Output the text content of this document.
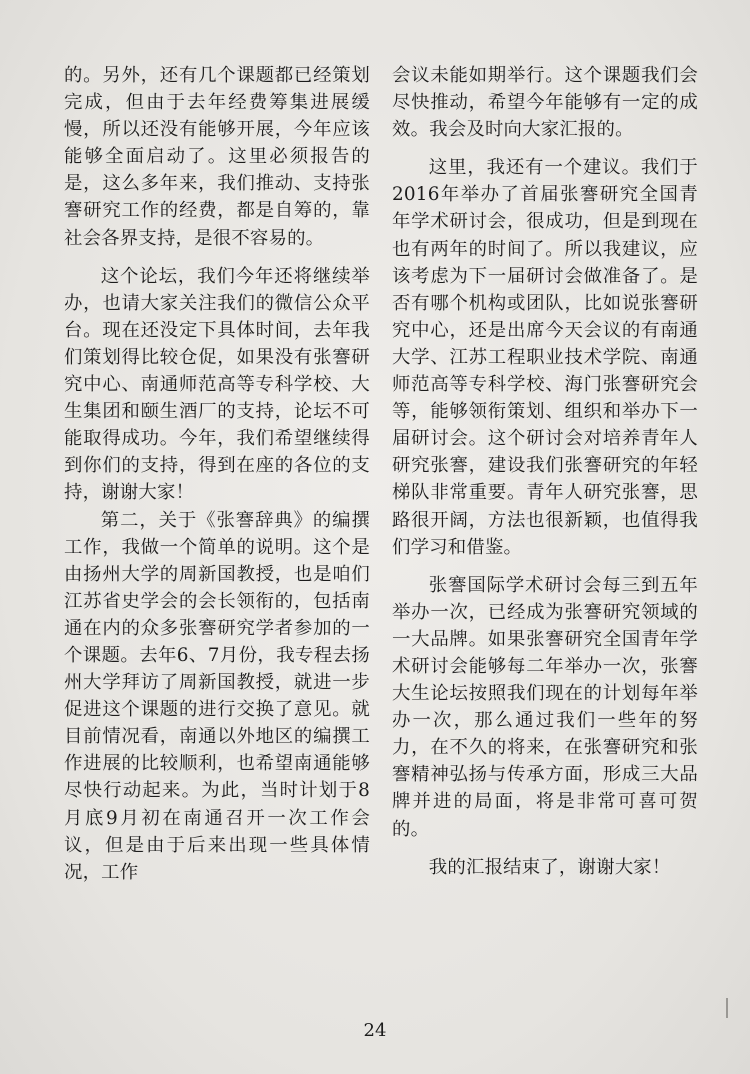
的。另外，还有几个课题都已经策划完成，但由于去年经费筹集进展缓慢，所以还没有能够开展，今年应该能够全面启动了。这里必须报告的是，这么多年来，我们推动、支持张謇研究工作的经费，都是自筹的，靠社会各界支持，是很不容易的。

这个论坛，我们今年还将继续举办，也请大家关注我们的微信公众平台。现在还没定下具体时间，去年我们策划得比较仓促，如果没有张謇研究中心、南通师范高等专科学校、大生集团和颐生酒厂的支持，论坛不可能取得成功。今年，我们希望继续得到你们的支持，得到在座的各位的支持，谢谢大家！

第二，关于《张謇辞典》的编撰工作，我做一个简单的说明。这个是由扬州大学的周新国教授，也是咱们江苏省史学会的会长领衔的，包括南通在内的众多张謇研究学者参加的一个课题。去年6、7月份，我专程去扬州大学拜访了周新国教授，就进一步促进这个课题的进行交换了意见。就目前情况看，南通以外地区的编撰工作进展的比较顺利，也希望南通能够尽快行动起来。为此，当时计划于8月底9月初在南通召开一次工作会议，但是由于后来出现一些具体情况，工作

会议未能如期举行。这个课题我们会尽快推动，希望今年能够有一定的成效。我会及时向大家汇报的。

这里，我还有一个建议。我们于2016年举办了首届张謇研究全国青年学术研讨会，很成功，但是到现在也有两年的时间了。所以我建议，应该考虑为下一届研讨会做准备了。是否有哪个机构或团队，比如说张謇研究中心，还是出席今天会议的有南通大学、江苏工程职业技术学院、南通师范高等专科学校、海门张謇研究会等，能够领衔策划、组织和举办下一届研讨会。这个研讨会对培养青年人研究张謇，建设我们张謇研究的年轻梯队非常重要。青年人研究张謇，思路很开阔，方法也很新颖，也值得我们学习和借鉴。

张謇国际学术研讨会每三到五年举办一次，已经成为张謇研究领域的一大品牌。如果张謇研究全国青年学术研讨会能够每二年举办一次，张謇大生论坛按照我们现在的计划每年举办一次，那么通过我们一些年的努力，在不久的将来，在张謇研究和张謇精神弘扬与传承方面，形成三大品牌并进的局面，将是非常可喜可贺的。

我的汇报结束了，谢谢大家！

24
